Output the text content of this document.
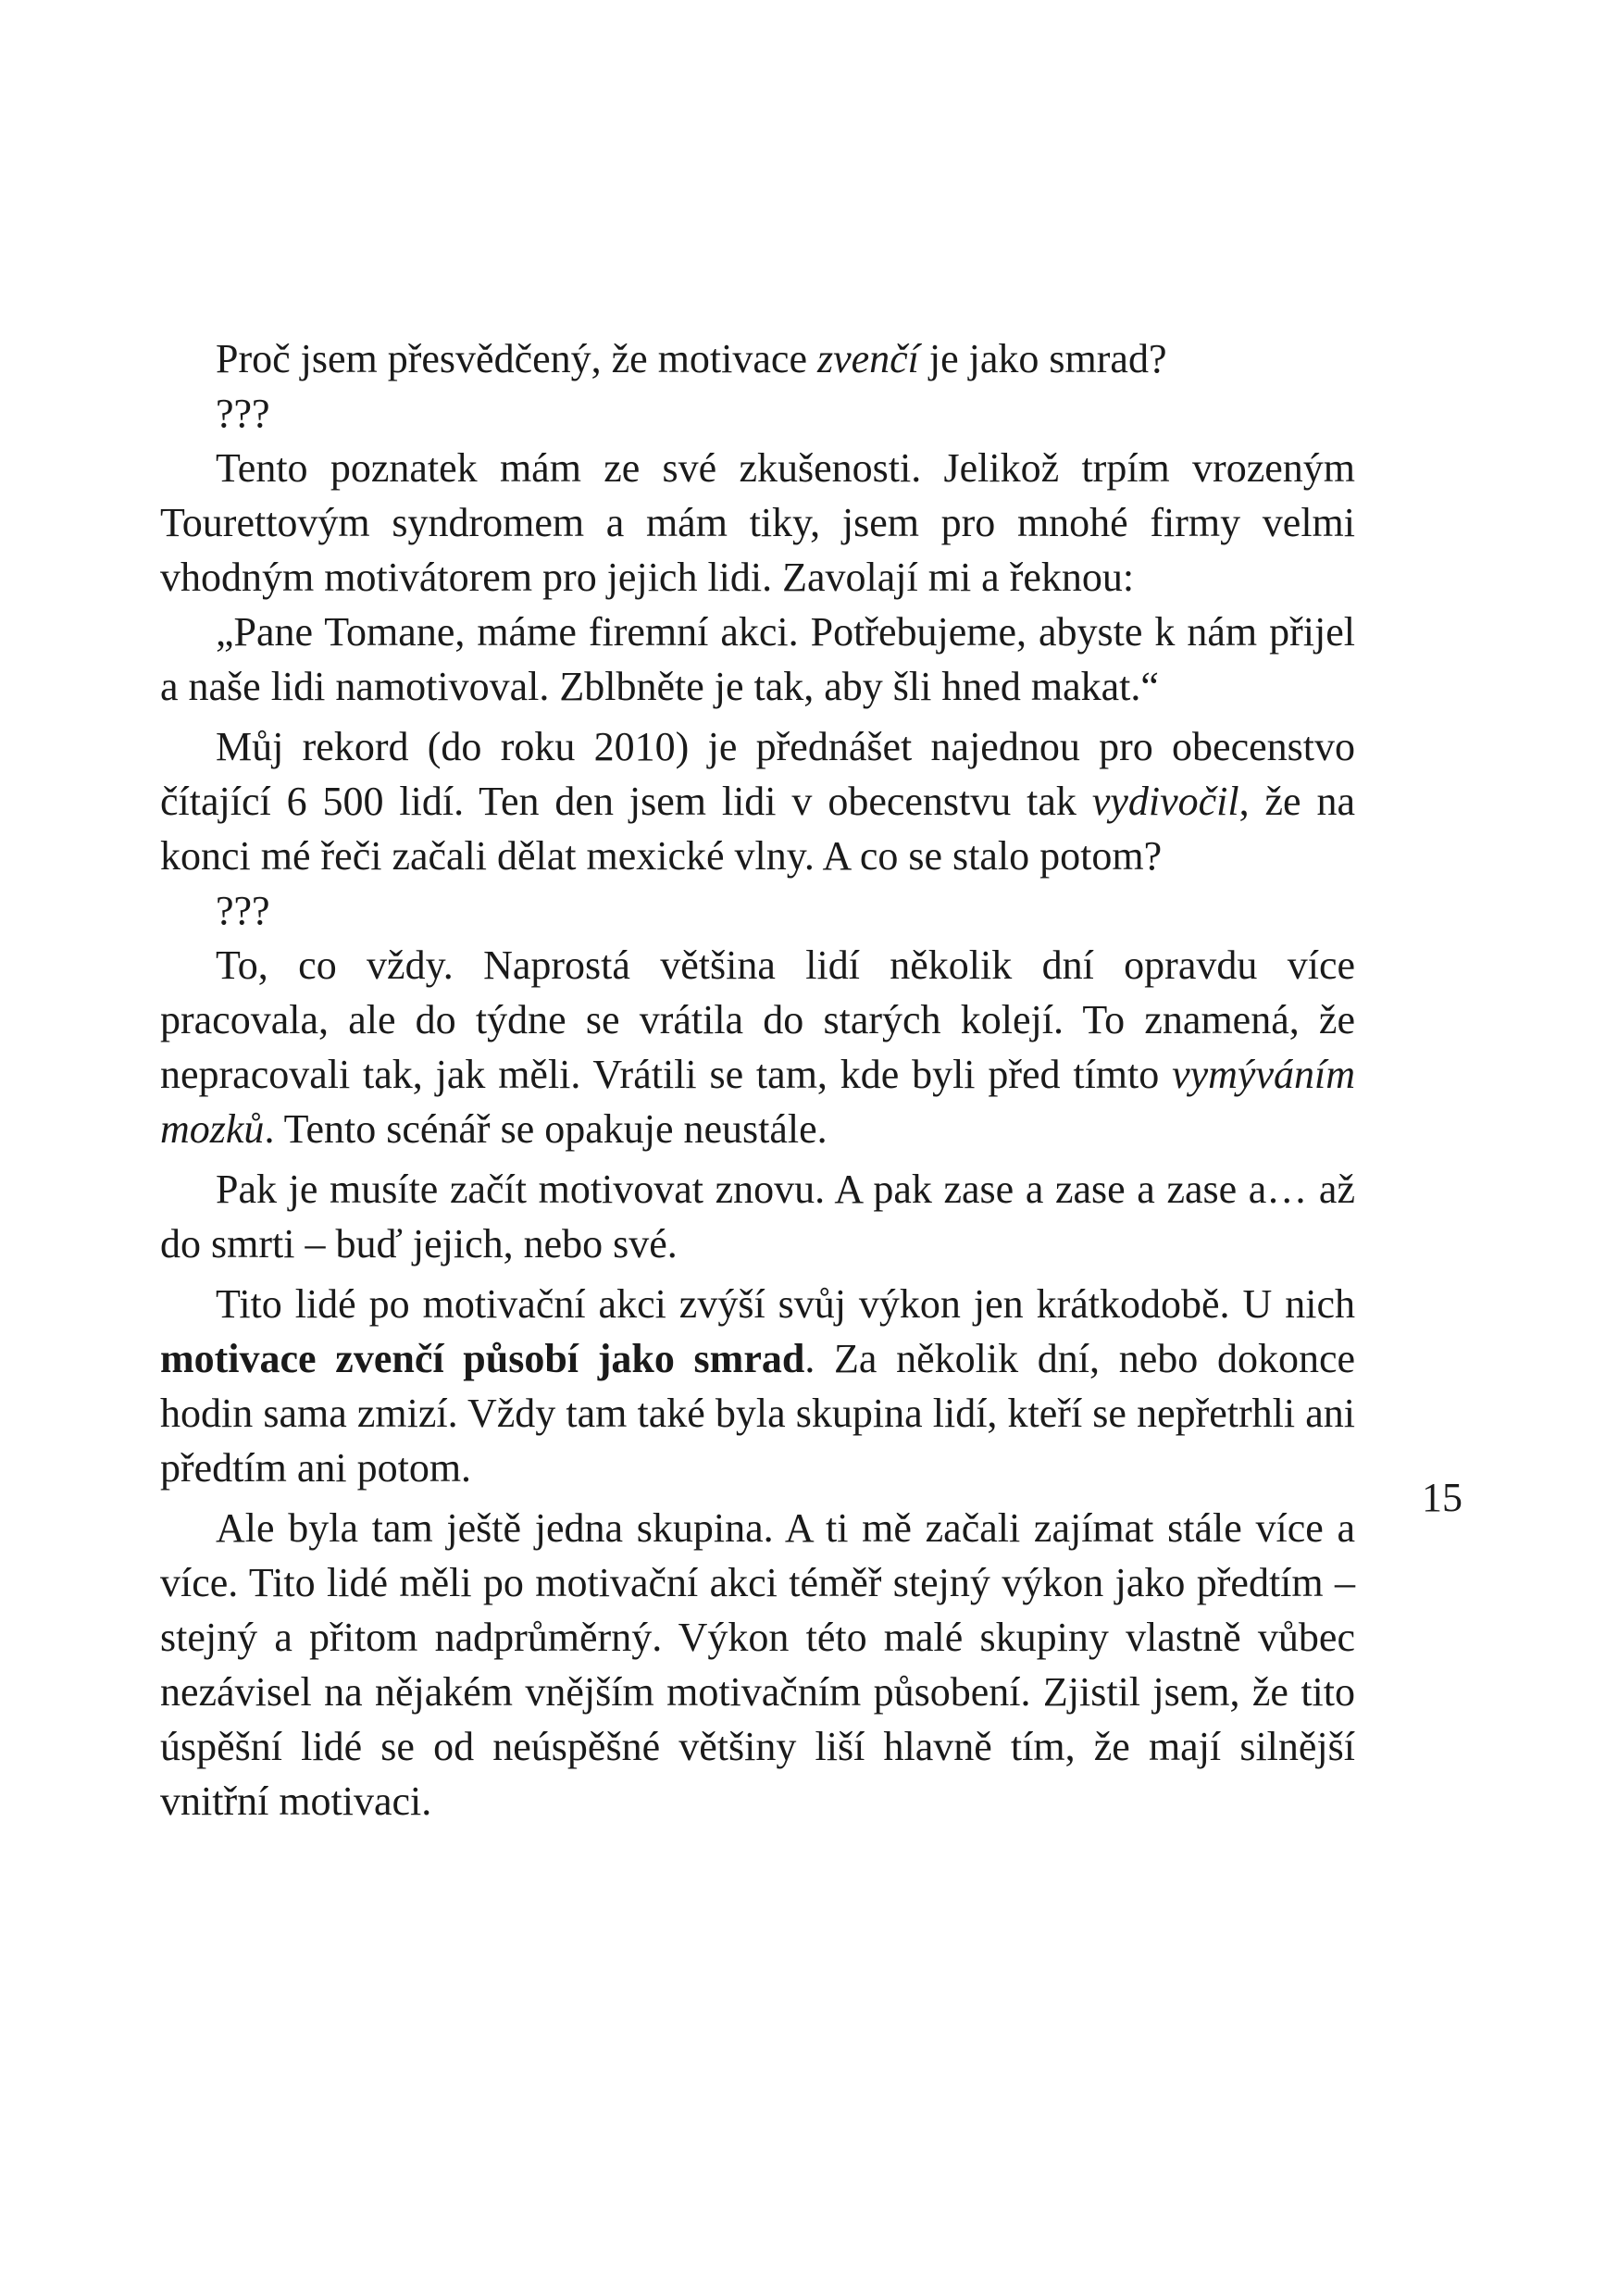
Proč jsem přesvědčený, že motivace zvenčí je jako smrad?

???

Tento poznatek mám ze své zkušenosti. Jelikož trpím vrozeným Tourettovým syndromem a mám tiky, jsem pro mnohé firmy velmi vhodným motivátorem pro jejich lidi. Zavolají mi a řeknou:

„Pane Tomane, máme firemní akci. Potřebujeme, abyste k nám přijel a naše lidi namotivoval. Zblbněte je tak, aby šli hned makat.“

Můj rekord (do roku 2010) je přednášet najednou pro obecenstvo čítající 6 500 lidí. Ten den jsem lidi v obecenstvu tak vydivočil, že na konci mé řeči začali dělat mexické vlny. A co se stalo potom?

???

To, co vždy. Naprostá většina lidí několik dní opravdu více pracovala, ale do týdne se vrátila do starých kolejí. To znamená, že nepracovali tak, jak měli. Vrátili se tam, kde byli před tímto vymýváním mozků. Tento scénář se opakuje neustále.

Pak je musíte začít motivovat znovu. A pak zase a zase a zase a… až do smrti – buď jejich, nebo své.

Tito lidé po motivační akci zvýší svůj výkon jen krátkodobě. U nich motivace zvenčí působí jako smrad. Za několik dní, nebo dokonce hodin sama zmizí. Vždy tam také byla skupina lidí, kteří se nepřetrhli ani předtím ani potom.

Ale byla tam ještě jedna skupina. A ti mě začali zajímat stále více a více. Tito lidé měli po motivační akci téměř stejný výkon jako předtím – stejný a přitom nadprůměrný. Výkon této malé skupiny vlastně vůbec nezávisel na nějakém vnějším motivačním působení. Zjistil jsem, že tito úspěšní lidé se od neúspěšné většiny liší hlavně tím, že mají silnější vnitřní motivaci.

15
